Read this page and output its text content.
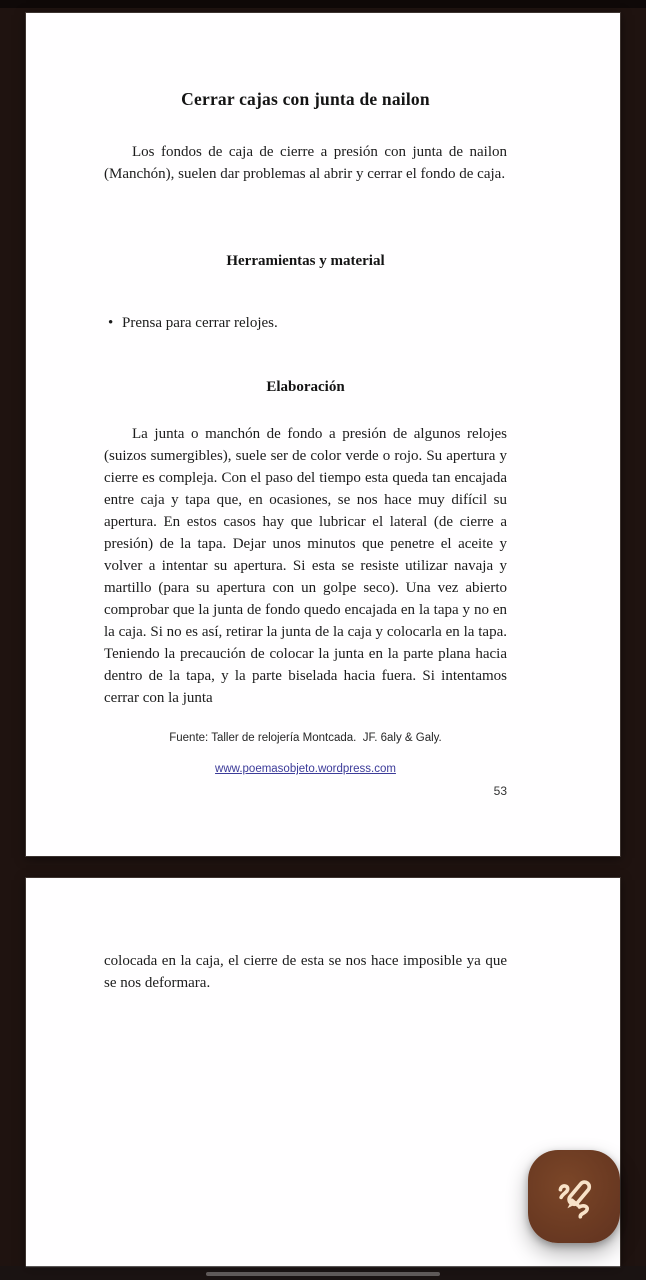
Cerrar cajas con junta de nailon

Los fondos de caja de cierre a presión con junta de nailon (Manchón), suelen dar problemas al abrir y cerrar el fondo de caja.

Herramientas y material
• Prensa para cerrar relojes.
Elaboración

La junta o manchón de fondo a presión de algunos relojes (suizos sumergibles), suele ser de color verde o rojo. Su apertura y cierre es compleja. Con el paso del tiempo esta queda tan encajada entre caja y tapa que, en ocasiones, se nos hace muy difícil su apertura. En estos casos hay que lubricar el lateral (de cierre a presión) de la tapa. Dejar unos minutos que penetre el aceite y volver a intentar su apertura. Si esta se resiste utilizar navaja y martillo (para su apertura con un golpe seco). Una vez abierto comprobar que la junta de fondo quedo encajada en la tapa y no en la caja. Si no es así, retirar la junta de la caja y colocarla en la tapa. Teniendo la precaución de colocar la junta en la parte plana hacia dentro de la tapa, y la parte biselada hacia fuera. Si intentamos cerrar con la junta

Fuente: Taller de relojería Montcada.  JF. 6aly & Galy.
www.poemasobjeto.wordpress.com
53

colocada en la caja, el cierre de esta se nos hace imposible ya que se nos deformara.
